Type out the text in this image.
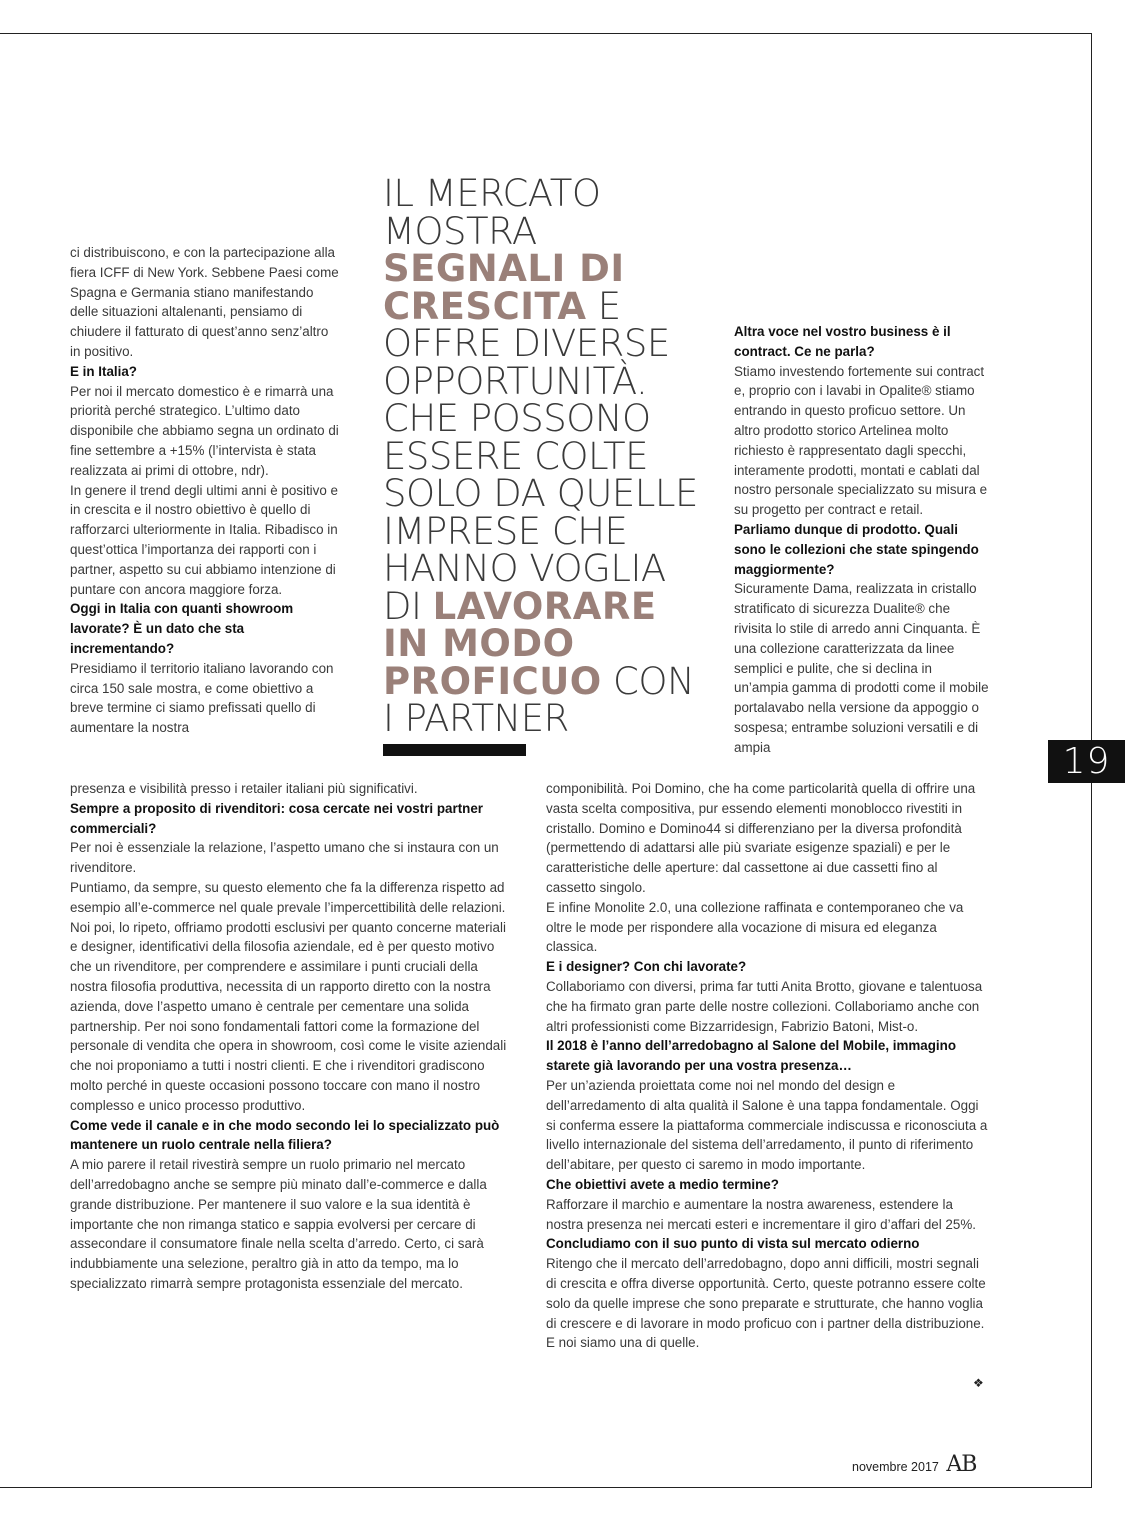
19

ci distribuiscono, e con la partecipazione alla fiera ICFF di New York. Sebbene Paesi come Spagna e Germania stiano manifestando delle situazioni altalenanti, pensiamo di chiudere il fatturato di quest’anno senz’altro in positivo.

E in Italia?

Per noi il mercato domestico è e rimarrà una priorità perché strategico. L’ultimo dato disponibile che abbiamo segna un ordinato di fine settembre a +15% (l’intervista è stata realizzata ai primi di ottobre, ndr).

In genere il trend degli ultimi anni è positivo e in crescita e il nostro obiettivo è quello di rafforzarci ulteriormente in Italia. Ribadisco in quest’ottica l’importanza dei rapporti con i partner, aspetto su cui abbiamo intenzione di puntare con ancora maggiore forza.

Oggi in Italia con quanti showroom lavorate? È un dato che sta incrementando?

Presidiamo il territorio italiano lavorando con circa 150 sale mostra, e come obiettivo a breve termine ci siamo prefissati quello di aumentare la nostra

IL MERCATO MOSTRA SEGNALI DI CRESCITA E OFFRE DIVERSE OPPORTUNITÀ. CHE POSSONO ESSERE COLTE SOLO DA QUELLE IMPRESE CHE HANNO VOGLIA DI LAVORARE IN MODO PROFICUO CON I PARTNER

Altra voce nel vostro business è il contract. Ce ne parla?

Stiamo investendo fortemente sui contract e, proprio con i lavabi in Opalite® stiamo entrando in questo proficuo settore. Un altro prodotto storico Artelinea molto richiesto è rappresentato dagli specchi, interamente prodotti, montati e cablati dal nostro personale specializzato su misura e su progetto per contract e retail.

Parliamo dunque di prodotto. Quali sono le collezioni che state spingendo maggiormente?

Sicuramente Dama, realizzata in cristallo stratificato di sicurezza Dualite® che rivisita lo stile di arredo anni Cinquanta. È una collezione caratterizzata da linee semplici e pulite, che si declina in un’ampia gamma di prodotti come il mobile portalavabo nella versione da appoggio o sospesa; entrambe soluzioni versatili e di ampia

presenza e visibilità presso i retailer italiani più significativi.

Sempre a proposito di rivenditori: cosa cercate nei vostri partner commerciali?

Per noi è essenziale la relazione, l’aspetto umano che si instaura con un rivenditore.

Puntiamo, da sempre, su questo elemento che fa la differenza rispetto ad esempio all’e-commerce nel quale prevale l’impercettibilità delle relazioni. Noi poi, lo ripeto, offriamo prodotti esclusivi per quanto concerne materiali e designer, identificativi della filosofia aziendale, ed è per questo motivo che un rivenditore, per comprendere e assimilare i punti cruciali della nostra filosofia produttiva, necessita di un rapporto diretto con la nostra azienda, dove l’aspetto umano è centrale per cementare una solida partnership. Per noi sono fondamentali fattori come la formazione del personale di vendita che opera in showroom, così come le visite aziendali che noi proponiamo a tutti i nostri clienti. E che i rivenditori gradiscono molto perché in queste occasioni possono toccare con mano il nostro complesso e unico processo produttivo.

Come vede il canale e in che modo secondo lei lo specializzato può mantenere un ruolo centrale nella filiera?

A mio parere il retail rivestirà sempre un ruolo primario nel mercato dell’arredobagno anche se sempre più minato dall’e-commerce e dalla grande distribuzione. Per mantenere il suo valore e la sua identità è importante che non rimanga statico e sappia evolversi per cercare di assecondare il consumatore finale nella scelta d’arredo. Certo, ci sarà indubbiamente una selezione, peraltro già in atto da tempo, ma lo specializzato rimarrà sempre protagonista essenziale del mercato.

componibilità. Poi Domino, che ha come particolarità quella di offrire una vasta scelta compositiva, pur essendo elementi monoblocco rivestiti in cristallo. Domino e Domino44 si differenziano per la diversa profondità (permettendo di adattarsi alle più svariate esigenze spaziali) e per le caratteristiche delle aperture: dal cassettone ai due cassetti fino al cassetto singolo.

E infine Monolite 2.0, una collezione raffinata e contemporaneo che va oltre le mode per rispondere alla vocazione di misura ed eleganza classica.

E i designer? Con chi lavorate?

Collaboriamo con diversi, prima far tutti Anita Brotto, giovane e talentuosa che ha firmato gran parte delle nostre collezioni. Collaboriamo anche con altri professionisti come Bizzarridesign, Fabrizio Batoni, Mist-o.

Il 2018 è l’anno dell’arredobagno al Salone del Mobile, immagino starete già lavorando per una vostra presenza…

Per un’azienda proiettata come noi nel mondo del design e dell’arredamento di alta qualità il Salone è una tappa fondamentale. Oggi si conferma essere la piattaforma commerciale indiscussa e riconosciuta a livello internazionale del sistema dell’arredamento, il punto di riferimento dell’abitare, per questo ci saremo in modo importante.

Che obiettivi avete a medio termine?

Rafforzare il marchio e aumentare la nostra awareness, estendere la nostra presenza nei mercati esteri e incrementare il giro d’affari del 25%.

Concludiamo con il suo punto di vista sul mercato odierno

Ritengo che il mercato dell’arredobagno, dopo anni difficili, mostri segnali di crescita e offra diverse opportunità. Certo, queste potranno essere colte solo da quelle imprese che sono preparate e strutturate, che hanno voglia di crescere e di lavorare in modo proficuo con i partner della distribuzione. E noi siamo una di quelle.

❖
novembre 2017 AB
